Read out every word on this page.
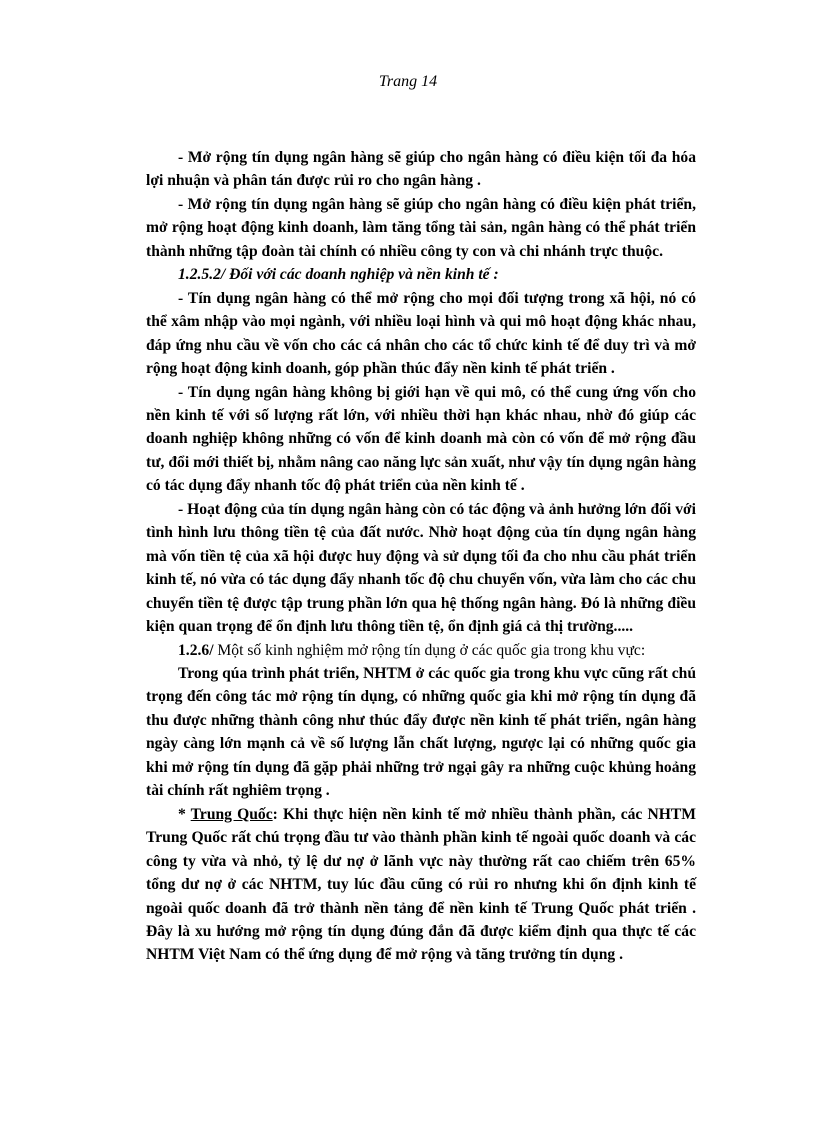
Trang 14

- Mở rộng tín dụng ngân hàng sẽ giúp cho ngân hàng có điều kiện tối đa hóa lợi nhuận và phân tán được rủi ro cho ngân hàng .

- Mở rộng tín dụng ngân hàng sẽ giúp cho ngân hàng có điều kiện phát triển, mở rộng hoạt động kinh doanh, làm tăng tổng tài sản, ngân hàng có thể phát triển thành những tập đoàn tài chính có nhiều công ty con và chi nhánh trực thuộc.

1.2.5.2/ Đối với các doanh nghiệp và nền kinh tế :

- Tín dụng ngân hàng có thể mở rộng cho mọi đối tượng trong xã hội, nó có thể xâm nhập vào mọi ngành, với nhiều loại hình và qui mô hoạt động khác nhau, đáp ứng nhu cầu về vốn cho các cá nhân cho các tổ chức kinh tế để duy trì và mở rộng hoạt động kinh doanh, góp phần thúc đẩy nền kinh tế phát triển .

- Tín dụng ngân hàng không bị giới hạn về qui mô, có thể cung ứng vốn cho nền kinh tế với số lượng rất lớn, với nhiều thời hạn khác nhau, nhờ đó giúp các doanh nghiệp không những có vốn để kinh doanh mà còn có vốn để mở rộng đầu tư, đổi mới thiết bị, nhằm nâng cao năng lực sản xuất, như vậy tín dụng ngân hàng có tác dụng đẩy nhanh tốc độ phát triển của nền kinh tế .

- Hoạt động của tín dụng ngân hàng còn có tác động và ảnh hưởng lớn đối với tình hình lưu thông tiền tệ của đất nước. Nhờ hoạt động của tín dụng ngân hàng mà vốn tiền tệ của xã hội được huy động và sử dụng tối đa cho nhu cầu phát triển kinh tế, nó vừa có tác dụng đẩy nhanh tốc độ chu chuyển vốn, vừa làm cho các chu chuyển tiền tệ được tập trung phần lớn qua hệ thống ngân hàng. Đó là những điều kiện quan trọng để ổn định lưu thông tiền tệ, ổn định giá cả thị trường.....

1.2.6/ Một số kinh nghiệm mở rộng tín dụng ở các quốc gia trong khu vực:

Trong qúa trình phát triển, NHTM ở các quốc gia trong khu vực cũng rất chú trọng đến công tác mở rộng tín dụng, có những quốc gia khi mở rộng tín dụng đã thu được những thành công như thúc đẩy được nền kinh tế phát triển, ngân hàng ngày càng lớn mạnh cả về số lượng lẫn chất lượng, ngược lại có những quốc gia khi mở rộng tín dụng đã gặp phải những trở ngại gây ra những cuộc khủng hoảng tài chính rất nghiêm trọng .

* Trung Quốc: Khi thực hiện nền kinh tế mở nhiều thành phần, các NHTM Trung Quốc rất chú trọng đầu tư vào thành phần kinh tế ngoài quốc doanh và các công ty vừa và nhỏ, tỷ lệ dư nợ ở lãnh vực này thường rất cao chiếm trên 65% tổng dư nợ ở các NHTM, tuy lúc đầu cũng có rủi ro nhưng khi ổn định kinh tế ngoài quốc doanh đã trở thành nền tảng để nền kinh tế Trung Quốc phát triển . Đây là xu hướng mở rộng tín dụng đúng đắn đã được kiểm định qua thực tế các NHTM Việt Nam có thể ứng dụng để mở rộng và tăng trưởng tín dụng .
